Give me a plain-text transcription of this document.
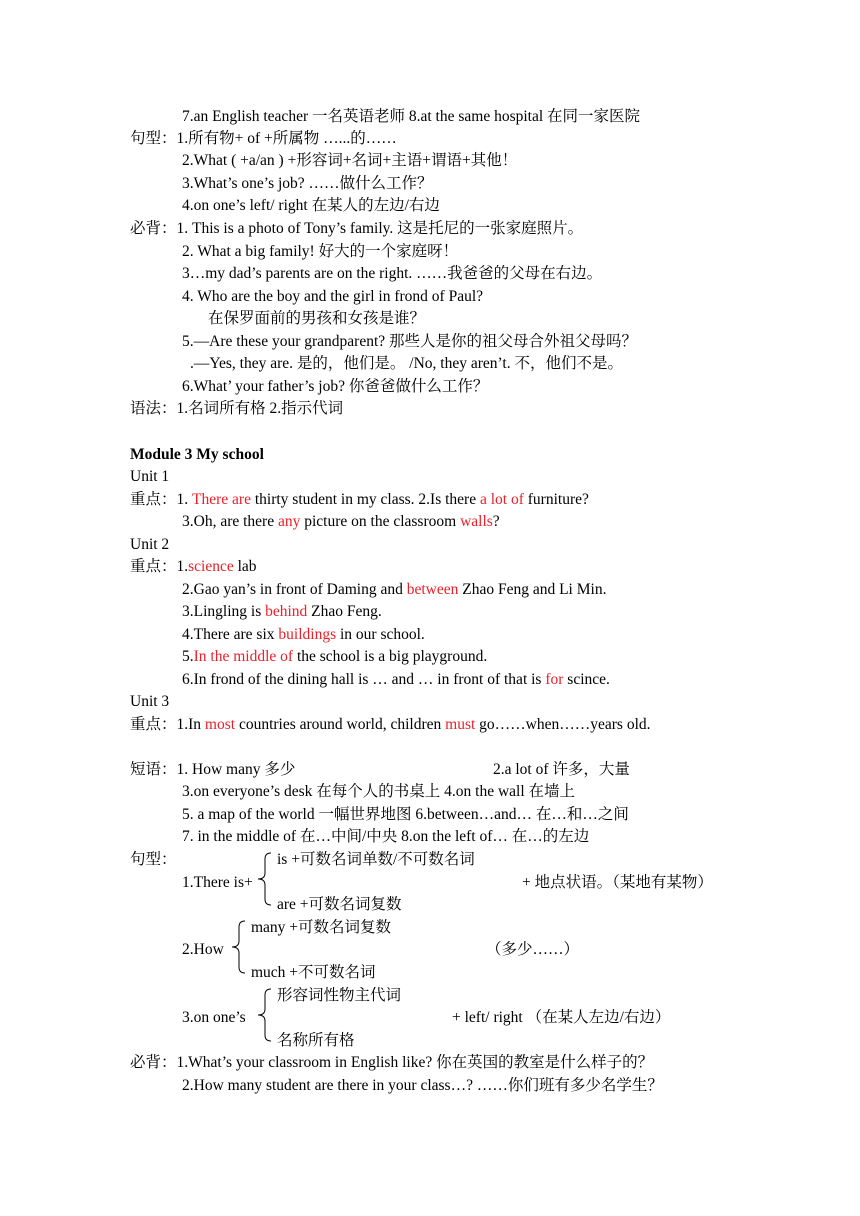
7.an English teacher 一名英语老师 8.at the same hospital 在同一家医院
句型：1.所有物+ of +所属物 …...的……
2.What ( +a/an ) +形容词+名词+主语+谓语+其他！
3.What’s one’s job? ……做什么工作？
4.on one’s left/ right 在某人的左边/右边
必背：1. This is a photo of Tony’s family. 这是托尼的一张家庭照片。
2. What a big family! 好大的一个家庭呀！
3…my dad’s parents are on the right. ……我爸爸的父母在右边。
4. Who are the boy and the girl in frond of Paul?
在保罗面前的男孩和女孩是谁？
5.—Are these your grandparent? 那些人是你的祖父母合外祖父母吗？
.—Yes, they are. 是的，他们是。 /No, they aren’t. 不，他们不是。
6.What’ your father’s job? 你爸爸做什么工作？
语法：1.名词所有格 2.指示代词
Module 3 My school
Unit 1
重点：1. There are thirty student in my class. 2.Is there a lot of furniture?
3.Oh, are there any picture on the classroom walls?
Unit 2
重点：1.science lab
2.Gao yan’s in front of Daming and between Zhao Feng and Li Min.
3.Lingling is behind Zhao Feng.
4.There are six buildings in our school.
5.In the middle of the school is a big playground.
6.In frond of the dining hall is … and … in front of that is for scince.
Unit 3
重点：1.In most countries around world, children must go……when……years old.
短语：1. How many 多少	2.a lot of 许多，大量
3.on everyone’s desk 在每个人的书桌上 4.on the wall 在墙上
5. a map of the world 一幅世界地图 6.between…and… 在…和…之间
7. in the middle of 在…中间/中央 8.on the left of… 在…的左边
句型：	is +可数名词单数/不可数名词
1.There is+	+ 地点状语。（某地有某物）
are +可数名词复数
many +可数名词复数
2.How	（多少……）
much +不可数名词
形容词性物主代词
3.on one’s	+ left/ right （在某人左边/右边）
名称所有格
必背：1.What’s your classroom in English like? 你在英国的教室是什么样子的？
2.How many student are there in your class…? ……你们班有多少名学生？
